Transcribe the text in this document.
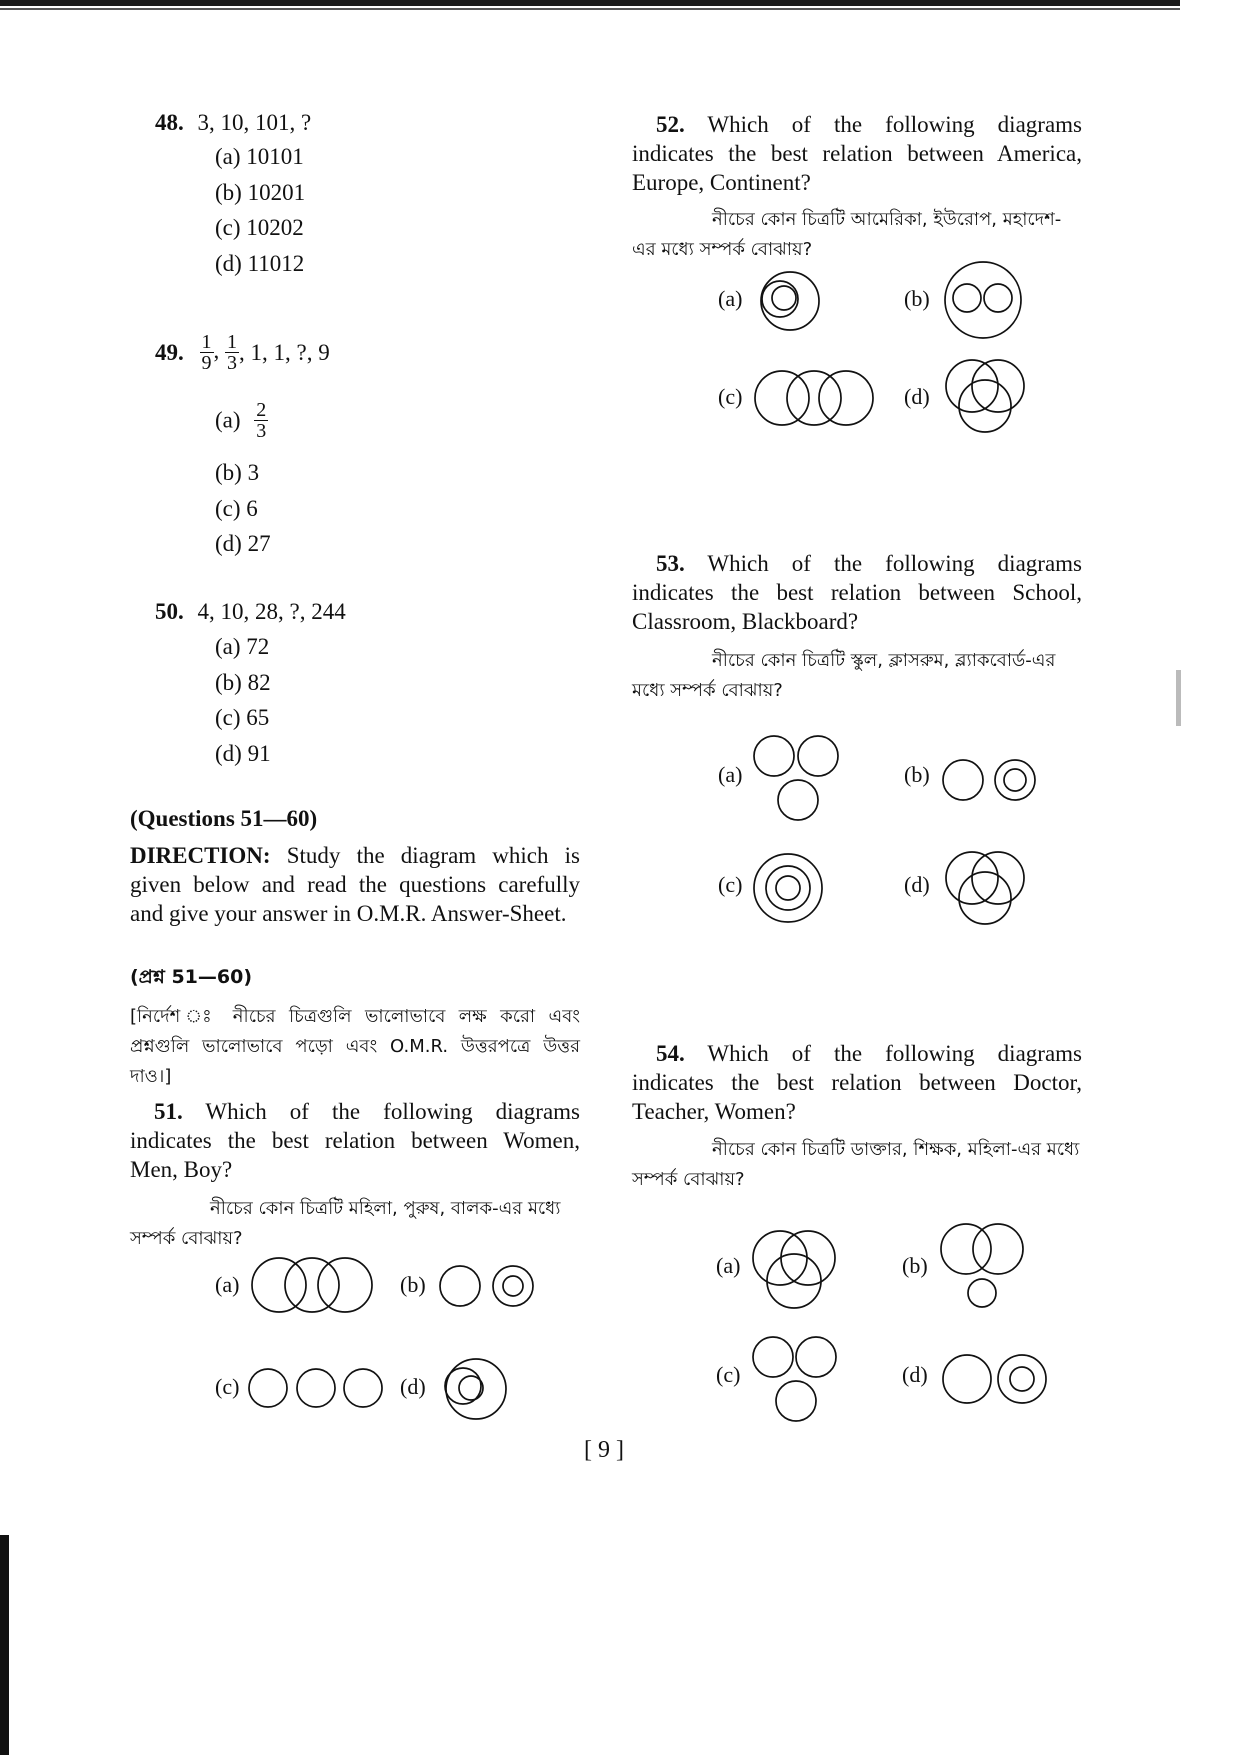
48. 3, 10, 101, ?
(a) 10101
(b) 10201
(c) 10202
(d) 11012
49. $\frac{1}{9}$ , $\frac{1}{3}$ , 1, 1, ?, 9
$(a) \frac{2}{3}$
(b) 3
(c) 6
(d) 27
50. 4, 10, 28, ?, 244
(a) 72
(b) 82
(c) 65
(d) 91
(Questions 51—60)
DIRECTION: Study the diagram which is given below and read the questions carefully and give your answer in O.M.R. Answer-Sheet.
(প্রশ্ন 51—60)
[নির্দেশ ঃ নীচের চিত্রগুলি ভালোভাবে লক্ষ করো এবং প্রশ্নগুলি ভালোভাবে পড়ো এবং O.M.R. উত্তরপত্রে উত্তর দাও।]
51. Which of the following diagrams indicates the best relation between Women, Men, Boy?
নীচের কোন চিত্রটি মহিলা, পুরুষ, বালক-এর মধ্যে সম্পর্ক বোঝায়?
(a)	(b)
(c)	(d)
52. Which of the following diagrams indicates the best relation between America, Europe, Continent?
নীচের কোন চিত্রটি আমেরিকা, ইউরোপ, মহাদেশ-এর মধ্যে সম্পর্ক বোঝায়?
(a)	(b)
(c)	(d)
53. Which of the following diagrams indicates the best relation between School, Classroom, Blackboard?
নীচের কোন চিত্রটি স্কুল, ক্লাসরুম, ব্ল্যাকবোর্ড-এর মধ্যে সম্পর্ক বোঝায়?
(a)	(b)
(c)	(d)
54. Which of the following diagrams indicates the best relation between Doctor, Teacher, Women?
নীচের কোন চিত্রটি ডাক্তার, শিক্ষক, মহিলা-এর মধ্যে সম্পর্ক বোঝায়?
(a)	(b)
(c)	(d)
[ 9 ]
